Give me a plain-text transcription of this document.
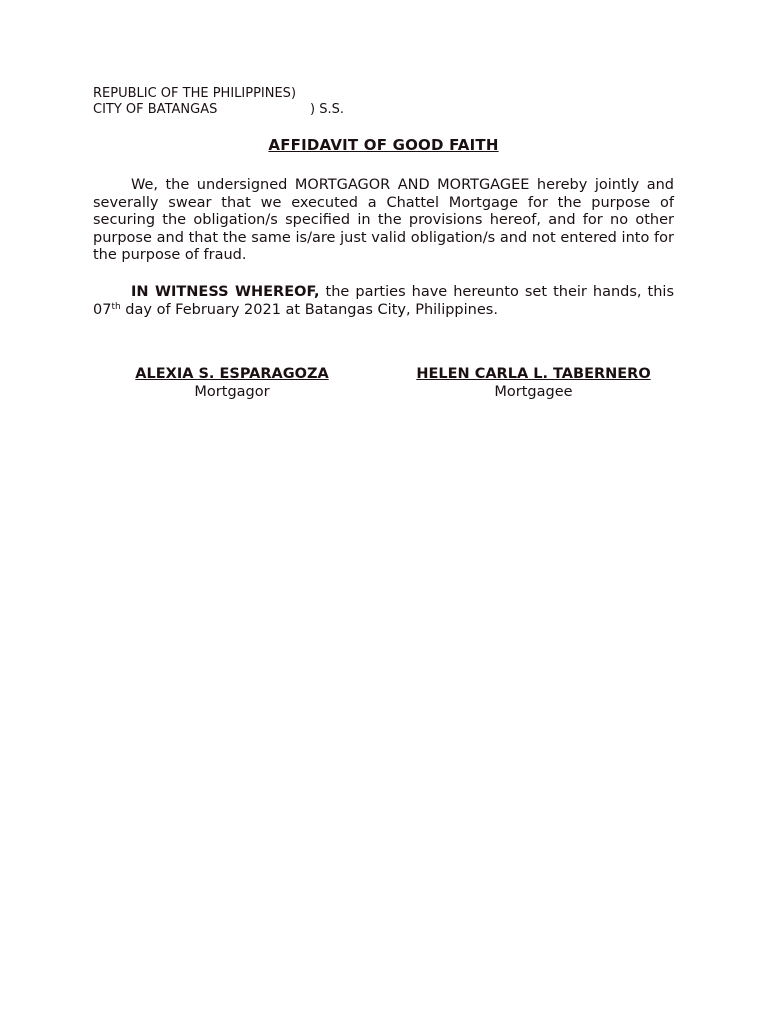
REPUBLIC OF THE PHILIPPINES)
CITY OF BATANGAS	) S.S.
AFFIDAVIT OF GOOD FAITH

We, the undersigned MORTGAGOR AND MORTGAGEE hereby jointly and severally swear that we executed a Chattel Mortgage for the purpose of securing the obligation/s specified in the provisions hereof, and for no other purpose and that the same is/are just valid obligation/s and not entered into for the purpose of fraud.

IN WITNESS WHEREOF, the parties have hereunto set their hands, this 07th day of February 2021 at Batangas City, Philippines.

ALEXIA S. ESPARAGOZA
Mortgagor
HELEN CARLA L. TABERNERO
Mortgagee
